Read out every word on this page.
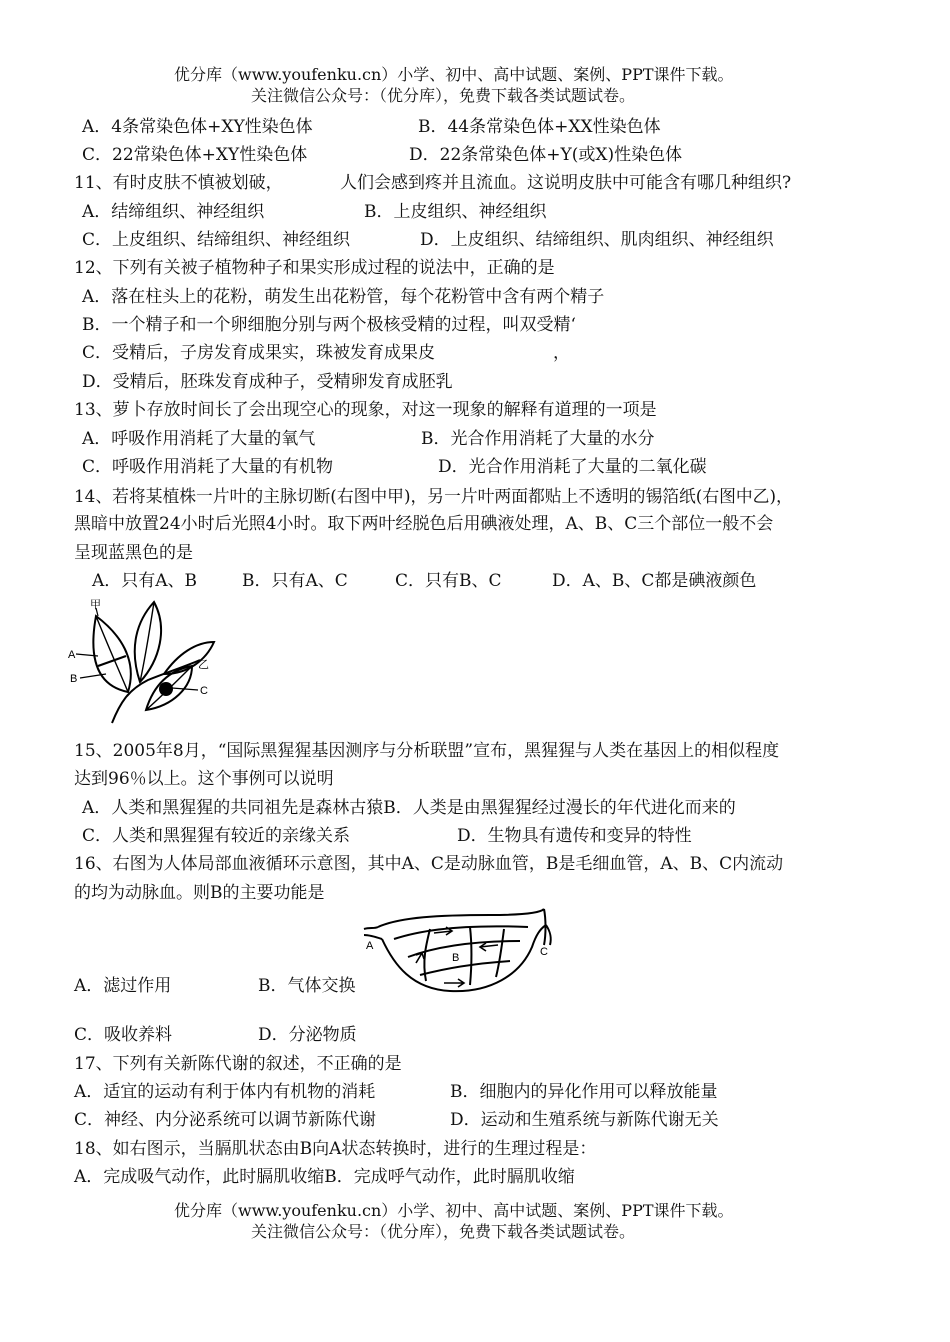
优分库（www.youfenku.cn）小学、初中、高中试题、案例、PPT课件下载。
关注微信公众号：（优分库），免费下载各类试题试卷。
A．4条常染色体+XY性染色体	B．44条常染色体+XX性染色体
C．22常染色体+XY性染色体	D．22条常染色体+Y(或X)性染色体
11、有时皮肤不慎被划破，	人们会感到疼并且流血。这说明皮肤中可能含有哪几种组织?
A．结缔组织、神经组织	B．上皮组织、神经组织
C．上皮组织、结缔组织、神经组织	D．上皮组织、结缔组织、肌肉组织、神经组织
12、下列有关被子植物种子和果实形成过程的说法中，正确的是
A．落在柱头上的花粉，萌发生出花粉管，每个花粉管中含有两个精子
B．一个精子和一个卵细胞分别与两个极核受精的过程，叫双受精‘
C．受精后，子房发育成果实，珠被发育成果皮	，
D．受精后，胚珠发育成种子，受精卵发育成胚乳
13、萝卜存放时间长了会出现空心的现象，对这一现象的解释有道理的一项是
A．呼吸作用消耗了大量的氧气	B．光合作用消耗了大量的水分
C．呼吸作用消耗了大量的有机物	D．光合作用消耗了大量的二氧化碳
14、若将某植株一片叶的主脉切断(右图中甲)，另一片叶两面都贴上不透明的锡箔纸(右图中乙)，
黑暗中放置24小时后光照4小时。取下两叶经脱色后用碘液处理，A、B、C三个部位一般不会
呈现蓝黑色的是
A．只有A、B	B．只有A、C	C．只有B、C	D．A、B、C都是碘液颜色
甲
A
B
乙
C
15、2005年8月，“国际黑猩猩基因测序与分析联盟”宣布，黑猩猩与人类在基因上的相似程度
达到96％以上。这个事例可以说明
A．人类和黑猩猩的共同祖先是森林古猿B．人类是由黑猩猩经过漫长的年代进化而来的
C．人类和黑猩猩有较近的亲缘关系	D．生物具有遗传和变异的特性
16、右图为人体局部血液循环示意图，其中A、C是动脉血管，B是毛细血管，A、B、C内流动
的均为动脉血。则B的主要功能是
A
B	C
A．滤过作用	B．气体交换
C．吸收养料	D．分泌物质
17、下列有关新陈代谢的叙述，不正确的是
A．适宜的运动有利于体内有机物的消耗	B．细胞内的异化作用可以释放能量
C．神经、内分泌系统可以调节新陈代谢	D．运动和生殖系统与新陈代谢无关
18、如右图示，当膈肌状态由B向A状态转换时，进行的生理过程是：
A．完成吸气动作，此时膈肌收缩B．完成呼气动作，此时膈肌收缩
优分库（www.youfenku.cn）小学、初中、高中试题、案例、PPT课件下载。
关注微信公众号：（优分库），免费下载各类试题试卷。
